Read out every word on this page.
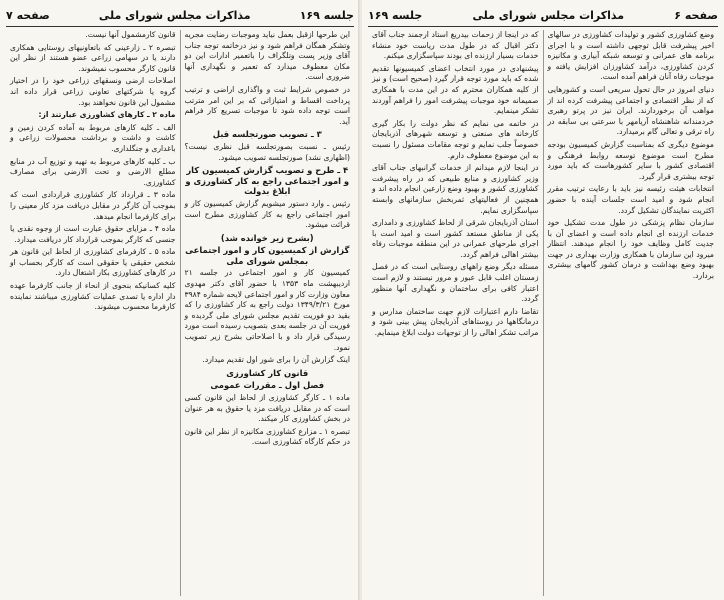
جلسه ۱۶۹
مذاکرات مجلس شورای ملی
صفحه ۷

این طرحها ازقبل بعمل نیاید وموجبات رضایت مجریه وتشکر همگان فراهم شود و نیز درخاتمه توجه جناب آقای وزیر پست وتلگراف را باتعمیر ادارات این دو مکان معطوف میدارد که تعمیر و نگهداری آنها ضروری است.

در خصوص شرایط ثبت و واگذاری اراضی و ترتیب پرداخت اقساط و امتیازاتی که بر این امر مترتب است توجه داده شود تا موجبات تسریع کار فراهم آید.

۳ ـ تصویب صورتجلسه قبل

رئیس ـ نسبت بصورتجلسه قبل نظری نیست؟ (اظهاری نشد) صورتجلسه تصویب میشود.

۴ ـ طرح و تصویب گزارش کمیسیون کار و امور اجتماعی راجع به کار کشاورزی و ابلاغ بدولت

رئیس ـ وارد دستور میشویم گزارش کمیسیون کار و امور اجتماعی راجع به کار کشاورزی مطرح است قرائت میشود.

(بشرح زیر خوانده شد)

گزارش از کمیسیون کار و امور اجتماعی بمجلس شورای ملی

کمیسیون کار و امور اجتماعی در جلسه ۲۱ اردیبهشت ماه ۱۳۵۳ با حضور آقای دکتر مهدوی معاون وزارت کار و امور اجتماعی لایحه شماره ۳۹۸۴ مورخ ۱۳۴۹/۳/۲۱ دولت راجع به کار کشاورزی را که بقید دو فوریت تقدیم مجلس شورای ملی گردیده و فوریت آن در جلسه بعدی بتصویب رسیده است مورد رسیدگی قرار داد و با اصلاحاتی بشرح زیر تصویب نمود.

اینک گزارش آن را برای شور اول تقدیم میدارد.

قانون کار کشاورزی

فصل اول ـ مقررات عمومی

ماده ۱ ـ کارگر کشاورزی از لحاظ این قانون کسی است که در مقابل دریافت مزد یا حقوق به هر عنوان در بخش کشاورزی کار میکند.

تبصره ۱ ـ مزارع کشاورزی مکانیزه از نظر این قانون در حکم کارگاه کشاورزی است.

قانون کارمشمول آنها نیست.

تبصره ۲ ـ زارعینی که باتعاونیهای روستایی همکاری دارند یا در سهامی زراعی عضو هستند از نظر این قانون کارگر محسوب نمیشوند.

اصلاحات ارضی ونسقهای زراعی خود را در اختیار گروه یا شرکتهای تعاونی زراعی قرار داده اند مشمول این قانون نخواهند بود.

ماده ۲ ـ کارهای کشاورزی عبارتند از:

الف ـ کلیه کارهای مربوط به آماده کردن زمین و کاشت و داشت و برداشت محصولات زراعی و باغداری و جنگلداری.

ب ـ کلیه کارهای مربوط به تهیه و توزیع آب در منابع مطلع الارضی و تحت الارضی برای مصارف کشاورزی.

ماده ۳ ـ قرارداد کار کشاورزی قراردادی است که بموجب آن کارگر در مقابل دریافت مزد کار معینی را برای کارفرما انجام میدهد.

ماده ۴ ـ مزایای حقوق عبارت است از وجوه نقدی یا جنسی که کارگر بموجب قرارداد کار دریافت میدارد.

ماده ۵ ـ کارفرمای کشاورزی از لحاظ این قانون هر شخص حقیقی یا حقوقی است که کارگر بحساب او در کارهای کشاورزی بکار اشتغال دارد.

کلیه کسانیکه بنحوی از انحاء از جانب کارفرما عهده دار اداره یا تصدی عملیات کشاورزی میباشند نماینده کارفرما محسوب میشوند.

صفحه ۶
مذاکرات مجلس شورای ملی
جلسه ۱۶۹

وضع کشاورزی کشور و تولیدات کشاورزی در سالهای اخیر پیشرفت قابل توجهی داشته است و با اجرای برنامه های عمرانی و توسعه شبکه آبیاری و مکانیزه کردن کشاورزی، درآمد کشاورزان افزایش یافته و موجبات رفاه آنان فراهم آمده است.

دنیای امروز در حال تحول سریعی است و کشورهایی که از نظر اقتصادی و اجتماعی پیشرفت کرده اند از مواهب آن برخوردارند. ایران نیز در پرتو رهبری خردمندانه شاهنشاه آریامهر با سرعتی بی سابقه در راه ترقی و تعالی گام برمیدارد.

موضوع دیگری که بمناسبت گزارش کمیسیون بودجه مطرح است موضوع توسعه روابط فرهنگی و اقتصادی کشور با سایر کشورهاست که باید مورد توجه بیشتری قرار گیرد.

انتخابات هیئت رئیسه نیز باید با رعایت ترتیب مقرر انجام شود و امید است جلسات آینده با حضور اکثریت نمایندگان تشکیل گردد.

سازمان نظام پزشکی در طول مدت تشکیل خود خدمات ارزنده ای انجام داده است و اعضای آن با جدیت کامل وظایف خود را انجام میدهند. انتظار میرود این سازمان با همکاری وزارت بهداری در جهت بهبود وضع بهداشت و درمان کشور گامهای بیشتری بردارد.

که در اینجا از زحمات بیدریغ استاد ارجمند جناب آقای دکتر اقبال که در طول مدت ریاست خود منشاء خدمات بسیار ارزنده ای بودند سپاسگزاری میکنم.

پیشنهادی در مورد انتخاب اعضای کمیسیونها تقدیم شده که باید مورد توجه قرار گیرد (صحیح است) و نیز از کلیه همکاران محترم که در این مدت با همکاری صمیمانه خود موجبات پیشرفت امور را فراهم آوردند تشکر مینمایم.

در خاتمه می نمایم که نظر دولت را بکار گیری کارخانه های صنعتی و توسعه شهرهای آذربایجان خصوصاً جلب نمایم و توجه مقامات مسئول را نسبت به این موضوع معطوف دارم.

در اینجا لازم میدانم از خدمات گرانبهای جناب آقای وزیر کشاورزی و منابع طبیعی که در راه پیشرفت کشاورزی کشور و بهبود وضع زارعین انجام داده اند و همچنین از فعالیتهای ثمربخش سازمانهای وابسته سپاسگزاری نمایم.

استان آذربایجان شرقی از لحاظ کشاورزی و دامداری یکی از مناطق مستعد کشور است و امید است با اجرای طرحهای عمرانی در این منطقه موجبات رفاه بیشتر اهالی فراهم گردد.

مسئله دیگر وضع راههای روستایی است که در فصل زمستان اغلب قابل عبور و مرور نیستند و لازم است اعتبار کافی برای ساختمان و نگهداری آنها منظور گردد.

تقاضا دارم اعتبارات لازم جهت ساختمان مدارس و درمانگاهها در روستاهای آذربایجان پیش بینی شود و مراتب تشکر اهالی را از توجهات دولت ابلاغ مینمایم.
